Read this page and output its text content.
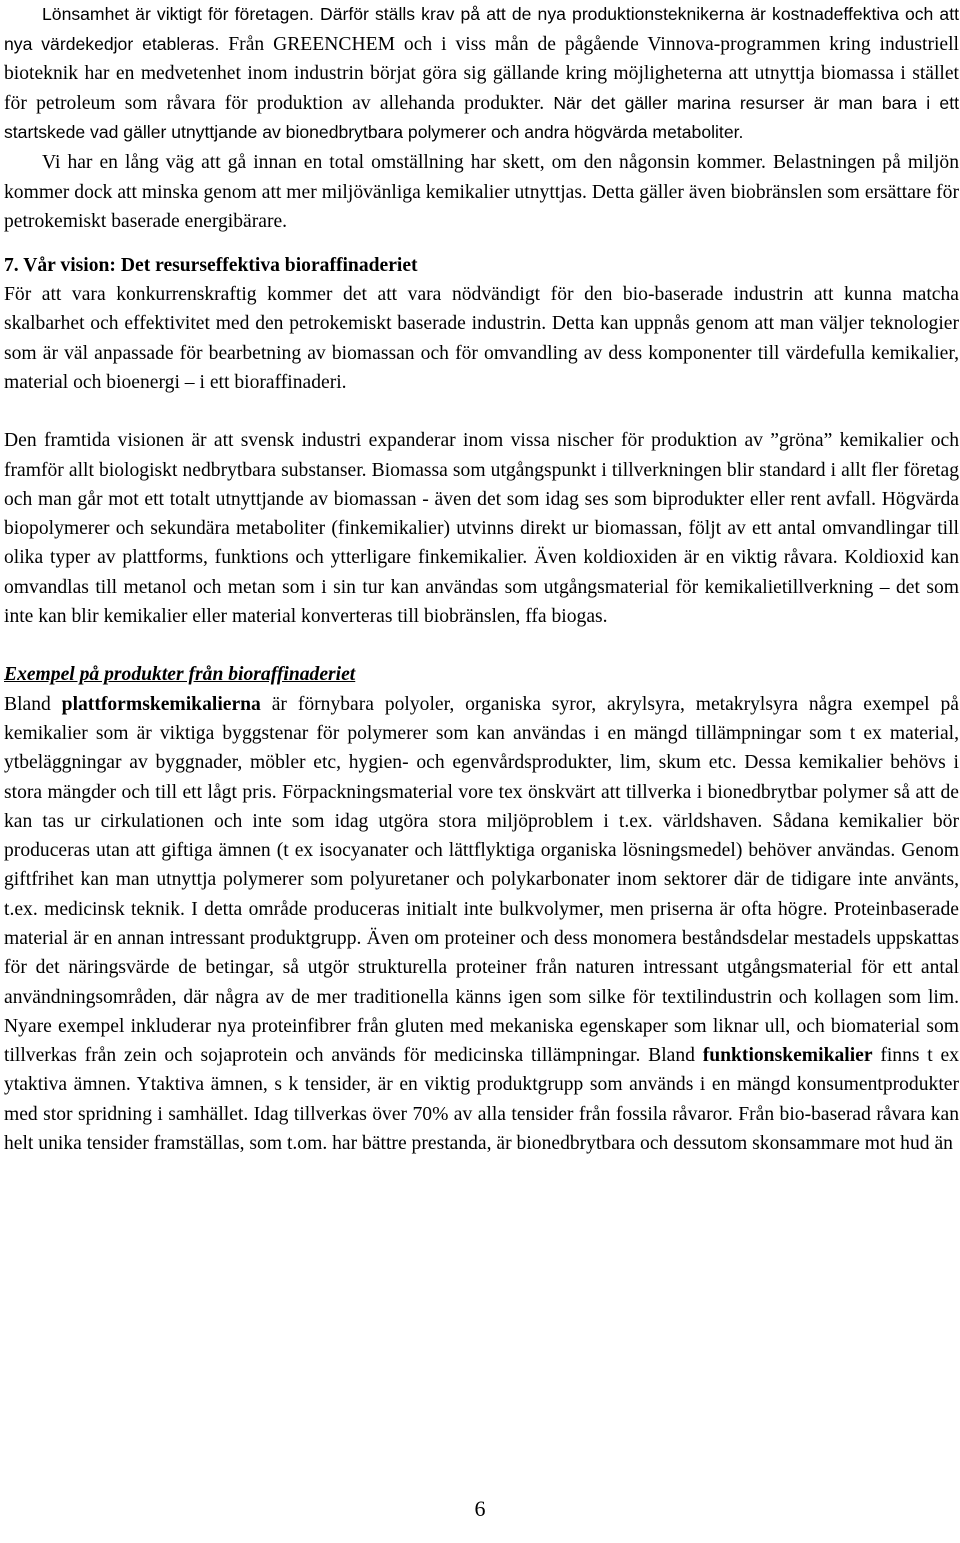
Lönsamhet är viktigt för företagen. Därför ställs krav på att de nya produktionsteknikerna är kostnadeffektiva och att nya värdekedjor etableras. Från GREENCHEM och i viss mån de pågående Vinnova-programmen kring industriell bioteknik har en medvetenhet inom industrin börjat göra sig gällande kring möjligheterna att utnyttja biomassa i stället för petroleum som råvara för produktion av allehanda produkter. När det gäller marina resurser är man bara i ett startskede vad gäller utnyttjande av bionedbrytbara polymerer och andra högvärda metaboliter.

Vi har en lång väg att gå innan en total omställning har skett, om den någonsin kommer. Belastningen på miljön kommer dock att minska genom att mer miljövänliga kemikalier utnyttjas. Detta gäller även biobränslen som ersättare för petrokemiskt baserade energibärare.

7. Vår vision: Det resurseffektiva bioraffinaderiet

För att vara konkurrenskraftig kommer det att vara nödvändigt för den bio-baserade industrin att kunna matcha skalbarhet och effektivitet med den petrokemiskt baserade industrin. Detta kan uppnås genom att man väljer teknologier som är väl anpassade för bearbetning av biomassan och för omvandling av dess komponenter till värdefulla kemikalier, material och bioenergi – i ett bioraffinaderi.

Den framtida visionen är att svensk industri expanderar inom vissa nischer för produktion av ”gröna” kemikalier och framför allt biologiskt nedbrytbara substanser. Biomassa som utgångspunkt i tillverkningen blir standard i allt fler företag och man går mot ett totalt utnyttjande av biomassan - även det som idag ses som biprodukter eller rent avfall. Högvärda biopolymerer och sekundära metaboliter (finkemikalier) utvinns direkt ur biomassan, följt av ett antal omvandlingar till olika typer av plattforms, funktions och ytterligare finkemikalier. Även koldioxiden är en viktig råvara. Koldioxid kan omvandlas till metanol och metan som i sin tur kan användas som utgångsmaterial för kemikalietillverkning – det som inte kan blir kemikalier eller material konverteras till biobränslen, ffa biogas.

Exempel på produkter från bioraffinaderiet

Bland plattformskemikalierna är förnybara polyoler, organiska syror, akrylsyra, metakrylsyra några exempel på kemikalier som är viktiga byggstenar för polymerer som kan användas i en mängd tillämpningar som t ex material, ytbeläggningar av byggnader, möbler etc, hygien- och egenvårdsprodukter, lim, skum etc. Dessa kemikalier behövs i stora mängder och till ett lågt pris. Förpackningsmaterial vore tex önskvärt att tillverka i bionedbrytbar polymer så att de kan tas ur cirkulationen och inte som idag utgöra stora miljöproblem i t.ex. världshaven. Sådana kemikalier bör produceras utan att giftiga ämnen (t ex isocyanater och lättflyktiga organiska lösningsmedel) behöver användas. Genom giftfrihet kan man utnyttja polymerer som polyuretaner och polykarbonater inom sektorer där de tidigare inte använts, t.ex. medicinsk teknik. I detta område produceras initialt inte bulkvolymer, men priserna är ofta högre. Proteinbaserade material är en annan intressant produktgrupp. Även om proteiner och dess monomera beståndsdelar mestadels uppskattas för det näringsvärde de betingar, så utgör strukturella proteiner från naturen intressant utgångsmaterial för ett antal användningsområden, där några av de mer traditionella känns igen som silke för textilindustrin och kollagen som lim. Nyare exempel inkluderar nya proteinfibrer från gluten med mekaniska egenskaper som liknar ull, och biomaterial som tillverkas från zein och sojaprotein och används för medicinska tillämpningar. Bland funktionskemikalier finns t ex ytaktiva ämnen. Ytaktiva ämnen, s k tensider, är en viktig produktgrupp som används i en mängd konsumentprodukter med stor spridning i samhället. Idag tillverkas över 70% av alla tensider från fossila råvaror. Från bio-baserad råvara kan helt unika tensider framställas, som t.om. har bättre prestanda, är bionedbrytbara och dessutom skonsammare mot hud än

6
